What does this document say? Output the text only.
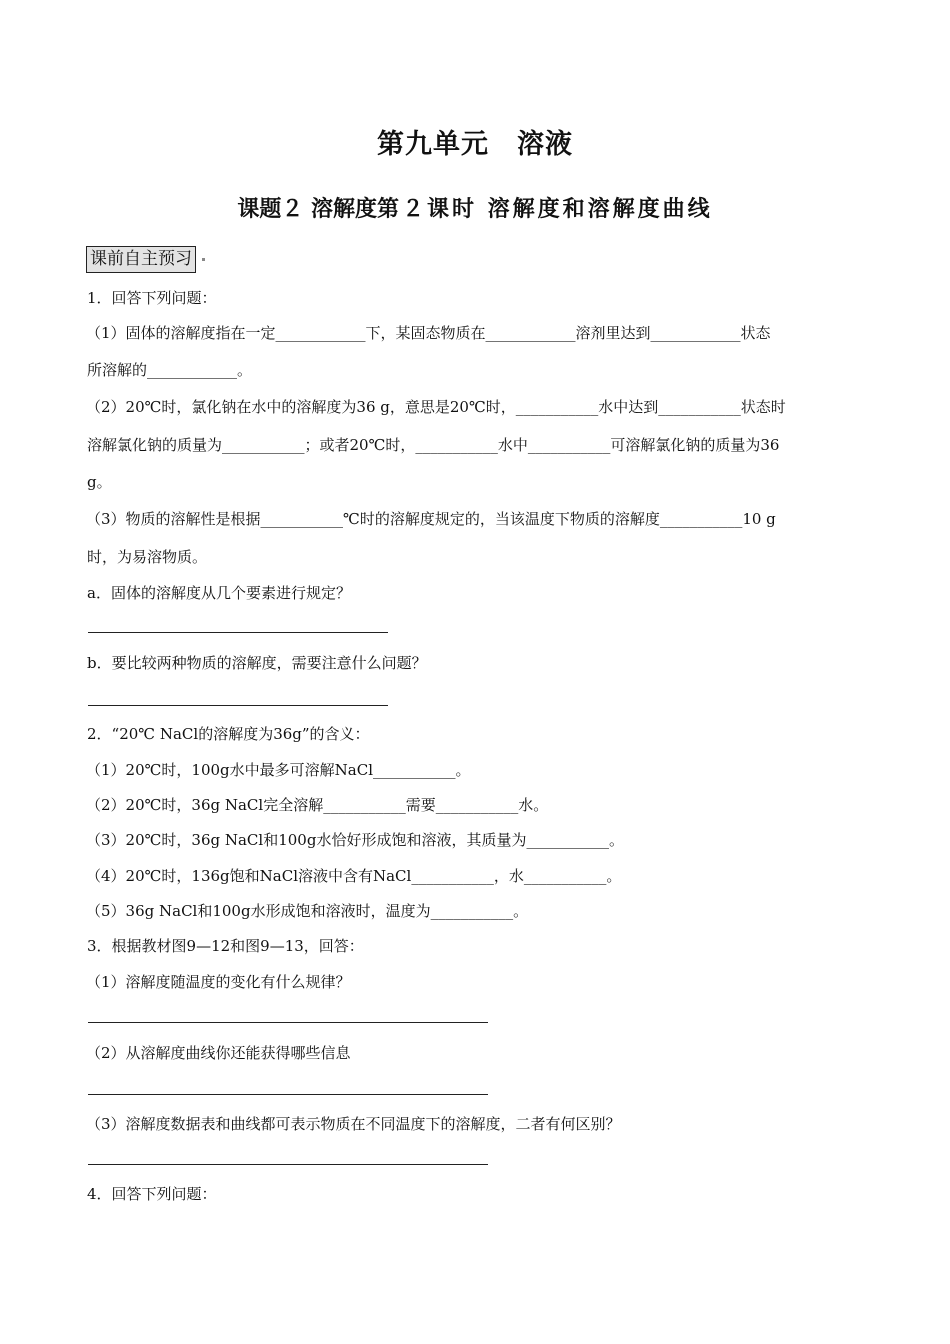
第九单元　溶液
课题２ 溶解度第２课时 溶解度和溶解度曲线
课前自主预习
1．回答下列问题：
（1）固体的溶解度指在一定____________下，某固态物质在____________溶剂里达到____________状态
所溶解的____________。
（2）20℃时，氯化钠在水中的溶解度为36 g，意思是20℃时，___________水中达到___________状态时
溶解氯化钠的质量为___________；或者20℃时，___________水中___________可溶解氯化钠的质量为36
g。
（3）物质的溶解性是根据___________℃时的溶解度规定的，当该温度下物质的溶解度___________10 g
时，为易溶物质。
a．固体的溶解度从几个要素进行规定？
b．要比较两种物质的溶解度，需要注意什么问题？
2．“20℃ NaCl的溶解度为36g”的含义：
（1）20℃时，100g水中最多可溶解NaCl___________。
（2）20℃时，36g NaCl完全溶解___________需要___________水。
（3）20℃时，36g NaCl和100g水恰好形成饱和溶液，其质量为___________。
（4）20℃时，136g饱和NaCl溶液中含有NaCl___________，水___________。
（5）36g NaCl和100g水形成饱和溶液时，温度为___________。
3．根据教材图9—12和图9—13，回答：
（1）溶解度随温度的变化有什么规律？
（2）从溶解度曲线你还能获得哪些信息
（3）溶解度数据表和曲线都可表示物质在不同温度下的溶解度，二者有何区别？
4．回答下列问题：
